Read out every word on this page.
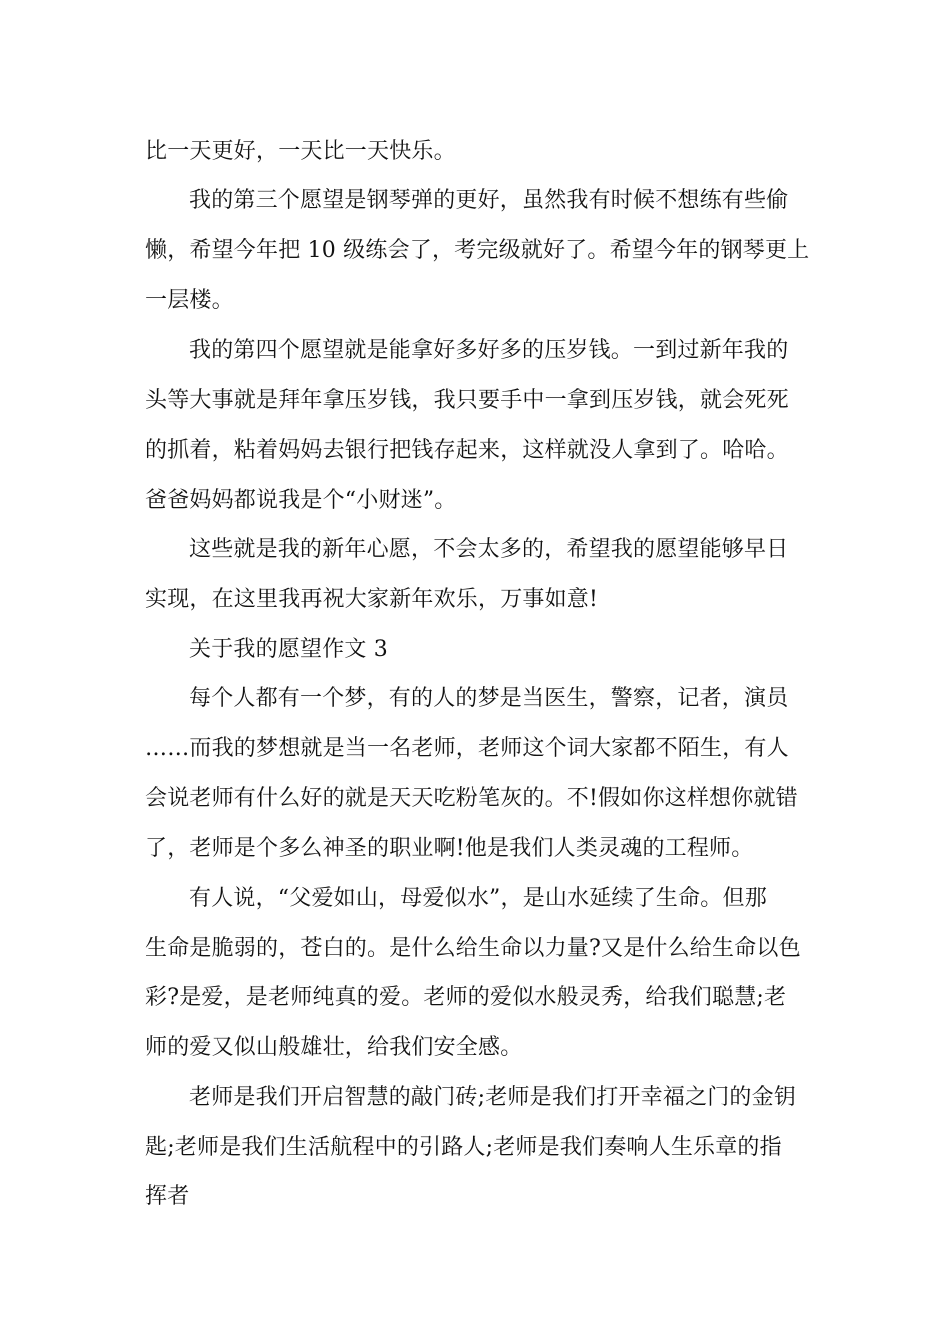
比一天更好，一天比一天快乐。
我的第三个愿望是钢琴弹的更好，虽然我有时候不想练有些偷
懒，希望今年把 10 级练会了，考完级就好了。希望今年的钢琴更上
一层楼。
我的第四个愿望就是能拿好多好多的压岁钱。一到过新年我的
头等大事就是拜年拿压岁钱，我只要手中一拿到压岁钱，就会死死
的抓着，粘着妈妈去银行把钱存起来，这样就没人拿到了。哈哈。
爸爸妈妈都说我是个“小财迷”。
这些就是我的新年心愿，不会太多的，希望我的愿望能够早日
实现，在这里我再祝大家新年欢乐，万事如意!
关于我的愿望作文 3
每个人都有一个梦，有的人的梦是当医生，警察，记者，演员
……而我的梦想就是当一名老师，老师这个词大家都不陌生，有人
会说老师有什么好的就是天天吃粉笔灰的。不!假如你这样想你就错
了，老师是个多么神圣的职业啊!他是我们人类灵魂的工程师。
有人说，“父爱如山，母爱似水”，是山水延续了生命。但那
生命是脆弱的，苍白的。是什么给生命以力量?又是什么给生命以色
彩?是爱，是老师纯真的爱。老师的爱似水般灵秀，给我们聪慧;老
师的爱又似山般雄壮，给我们安全感。
老师是我们开启智慧的敲门砖;老师是我们打开幸福之门的金钥
匙;老师是我们生活航程中的引路人;老师是我们奏响人生乐章的指
挥者
